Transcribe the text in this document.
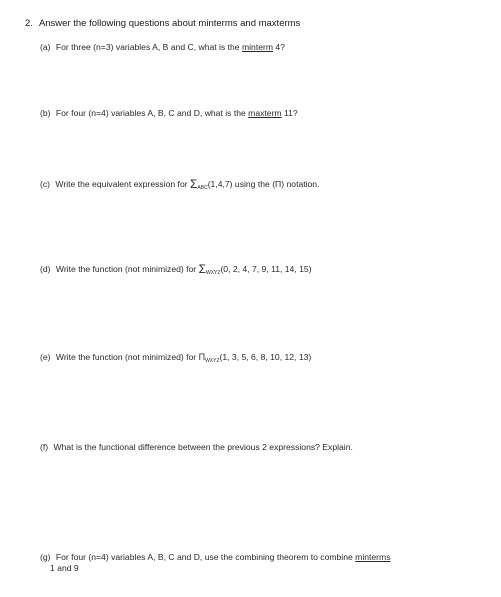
2. Answer the following questions about minterms and maxterms
(a) For three (n=3) variables A, B and C, what is the minterm 4?
(b) For four (n=4) variables A, B, C and D, what is the maxterm 11?
(c) Write the equivalent expression for $\Sigma_{ABC}(1,4,7)$ using the (Π) notation.
(d) Write the function (not minimized) for $\Sigma_{WXYZ}(0$, 2, 4, 7, 9, 11, 14, 15)
(e) Write the function (not minimized) for $\Pi_{WXYZ}(1$, 3, 5, 6, 8, 10, 12, 13)
(f) What is the functional difference between the previous 2 expressions? Explain.
(g) For four (n=4) variables A, B, C and D, use the combining theorem to combine minterms
1 and 9
